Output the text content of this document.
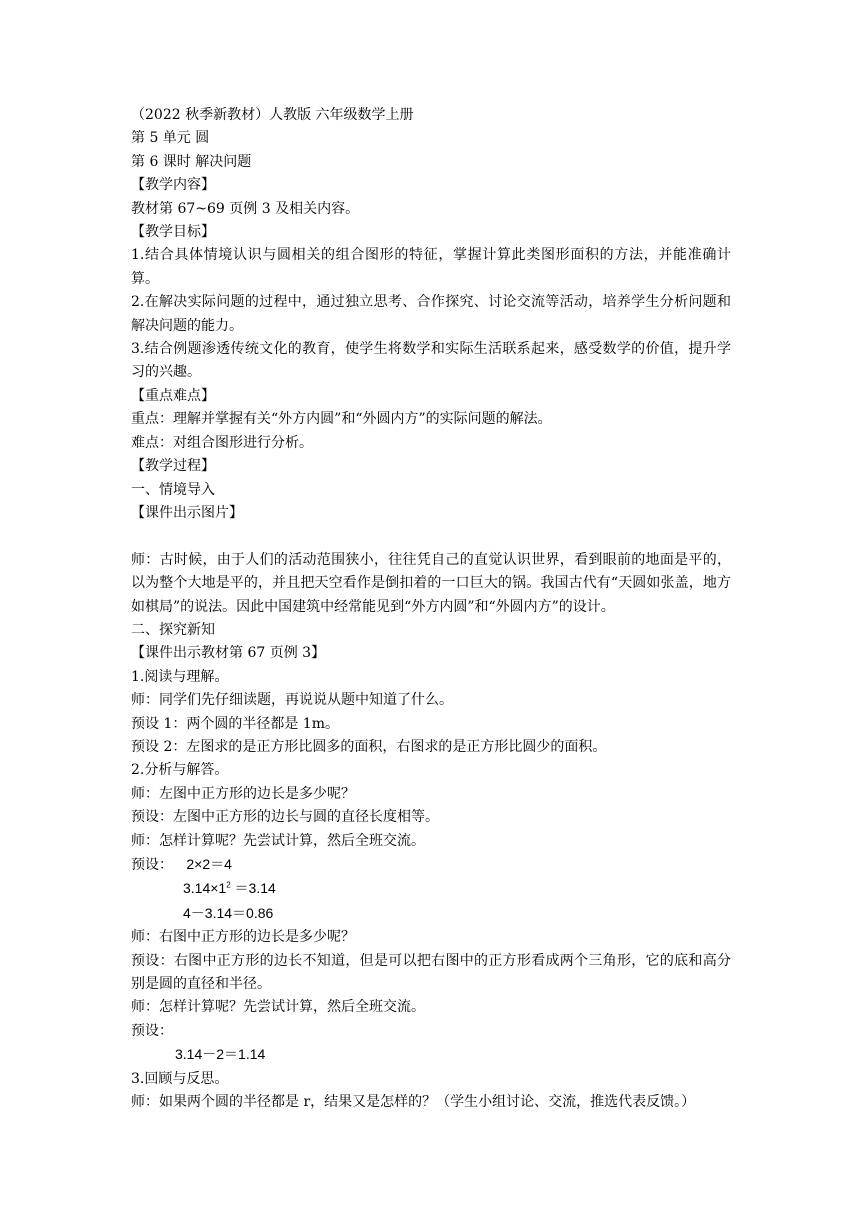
（2022 秋季新教材）人教版 六年级数学上册
第 5 单元 圆
第 6 课时 解决问题
【教学内容】
教材第 67~69 页例 3 及相关内容。
【教学目标】
1.结合具体情境认识与圆相关的组合图形的特征，掌握计算此类图形面积的方法，并能准确计算。
2.在解决实际问题的过程中，通过独立思考、合作探究、讨论交流等活动，培养学生分析问题和解决问题的能力。
3.结合例题渗透传统文化的教育，使学生将数学和实际生活联系起来，感受数学的价值，提升学习的兴趣。
【重点难点】
重点：理解并掌握有关“外方内圆”和“外圆内方”的实际问题的解法。
难点：对组合图形进行分析。
【教学过程】
一、情境导入
【课件出示图片】
师：古时候，由于人们的活动范围狭小，往往凭自己的直觉认识世界，看到眼前的地面是平的，以为整个大地是平的，并且把天空看作是倒扣着的一口巨大的锅。我国古代有“天圆如张盖，地方如棋局”的说法。因此中国建筑中经常能见到“外方内圆”和“外圆内方”的设计。
二、探究新知
【课件出示教材第 67 页例 3】
1.阅读与理解。
师：同学们先仔细读题，再说说从题中知道了什么。
预设 1：两个圆的半径都是 1m。
预设 2：左图求的是正方形比圆多的面积，右图求的是正方形比圆少的面积。
2.分析与解答。
师：左图中正方形的边长是多少呢？
预设：左图中正方形的边长与圆的直径长度相等。
师：怎样计算呢？先尝试计算，然后全班交流。
预设： 2×2＝4
$3.14\times 1^2 =3.14$
4－3.14＝0.86
师：右图中正方形的边长是多少呢？
预设：右图中正方形的边长不知道，但是可以把右图中的正方形看成两个三角形，它的底和高分别是圆的直径和半径。
师：怎样计算呢？先尝试计算，然后全班交流。
预设：
3.14－2＝1.14
3.回顾与反思。
师：如果两个圆的半径都是 r，结果又是怎样的？（学生小组讨论、交流，推选代表反馈。）
